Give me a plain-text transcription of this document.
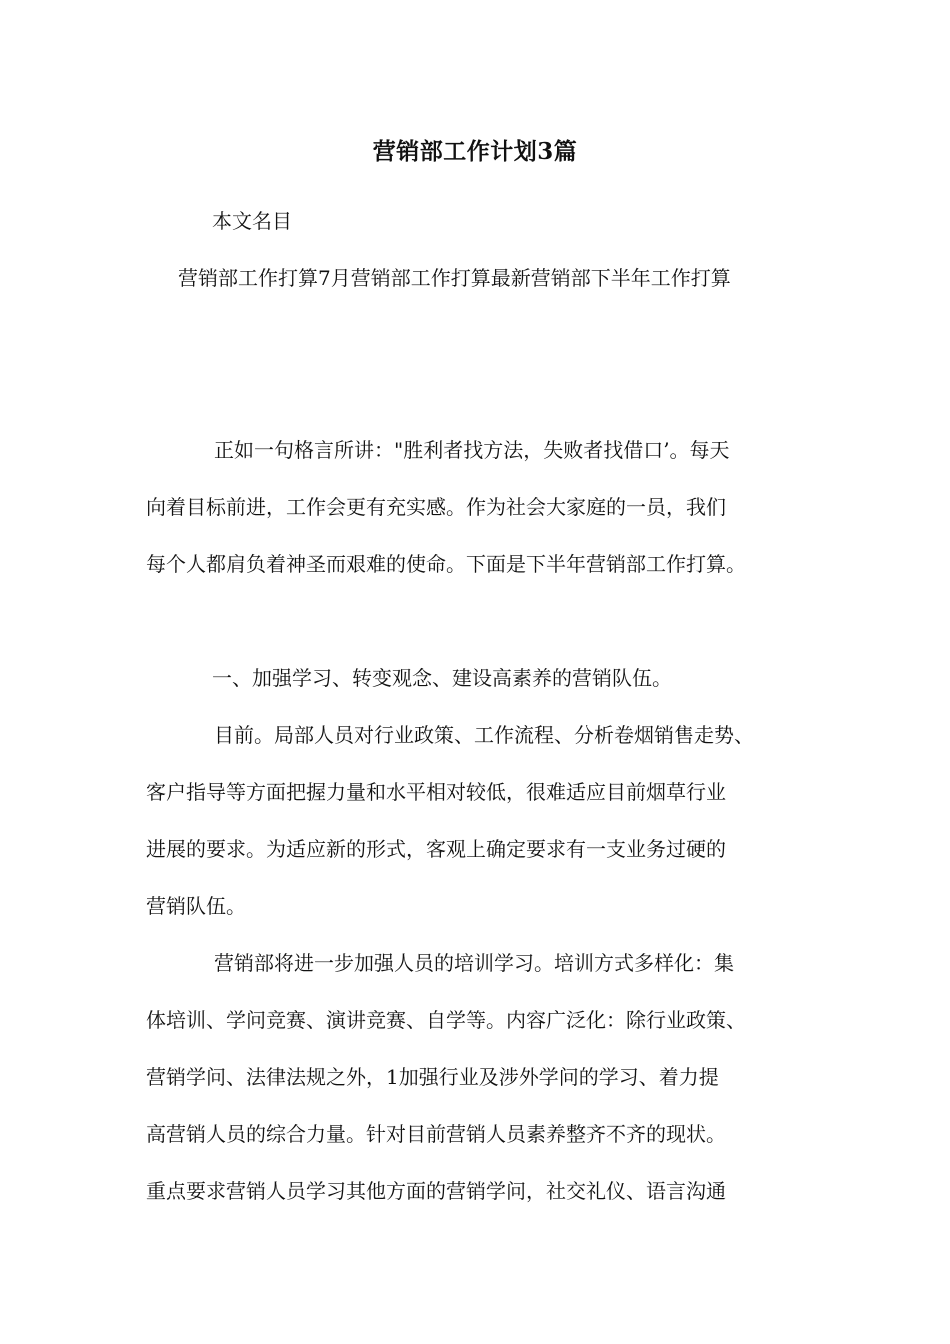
营销部工作计划3篇
本文名目
营销部工作打算7月营销部工作打算最新营销部下半年工作打算
正如一句格言所讲："胜利者找方法，失败者找借口’。每天
向着目标前进，工作会更有充实感。作为社会大家庭的一员，我们
每个人都肩负着神圣而艰难的使命。下面是下半年营销部工作打算。
一、加强学习、转变观念、建设高素养的营销队伍。
目前。局部人员对行业政策、工作流程、分析卷烟销售走势、
客户指导等方面把握力量和水平相对较低，很难适应目前烟草行业
进展的要求。为适应新的形式，客观上确定要求有一支业务过硬的
营销队伍。
营销部将进一步加强人员的培训学习。培训方式多样化：集
体培训、学问竞赛、演讲竞赛、自学等。内容广泛化：除行业政策、
营销学问、法律法规之外，1加强行业及涉外学问的学习、着力提
高营销人员的综合力量。针对目前营销人员素养整齐不齐的现状。
重点要求营销人员学习其他方面的营销学问，社交礼仪、语言沟通
